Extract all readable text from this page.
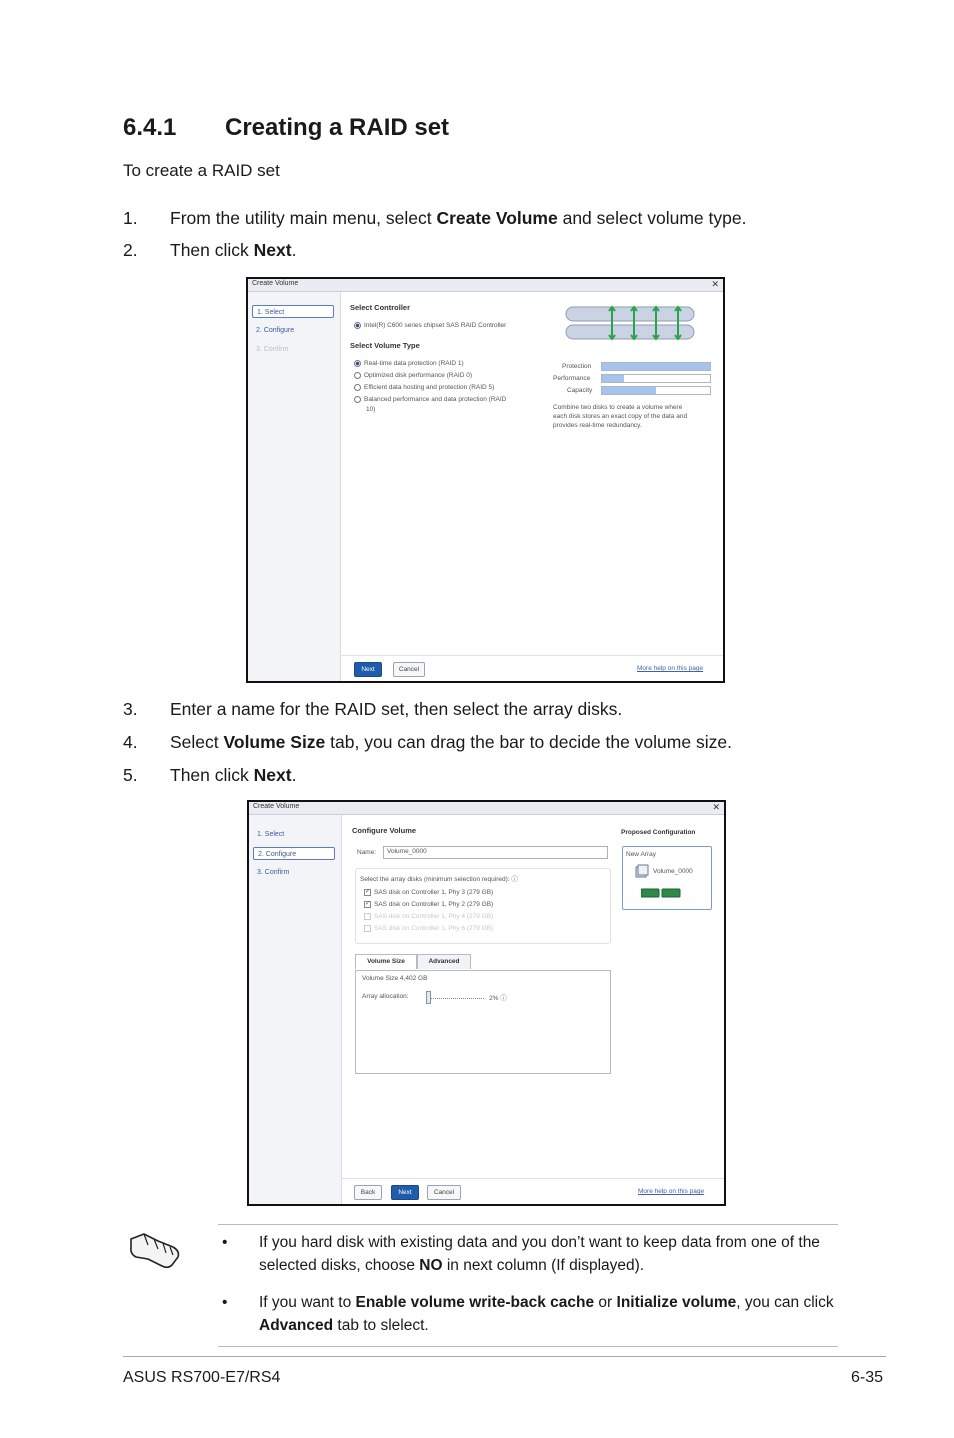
6.4.1 Creating a RAID set
To create a RAID set
1. From the utility main menu, select Create Volume and select volume type.
2. Then click Next.
Create Volume	✕
1. Select
2. Configure
3. Confirm
Select Controller
Intel(R) C600 series chipset SAS RAID Controller
Select Volume Type
Real-time data protection (RAID 1)
Optimized disk performance (RAID 0)
Efficient data hosting and protection (RAID 5)
Balanced performance and data protection (RAID
10)
Protection
Performance
Capacity
Combine two disks to create a volume where
each disk stores an exact copy of the data and
provides real-time redundancy.
Next	Cancel	More help on this page
3. Enter a name for the RAID set, then select the array disks.
4. Select Volume Size tab, you can drag the bar to decide the volume size.
5. Then click Next.
Create Volume	✕
1. Select
2. Configure
3. Confirm
Configure Volume
Name: Volume_0000
Select the array disks (minimum selection required): ⓘ
✓ SAS disk on Controller 1, Phy 3 (279 GB)
✓ SAS disk on Controller 1, Phy 2 (279 GB)
SAS disk on Controller 1, Phy 4 (279 GB)
SAS disk on Controller 1, Phy 6 (279 GB)
Volume Size	Advanced
Volume Size 4,402 GB
Array allocation:	2% ⓘ
Proposed Configuration
New Array
Volume_0000
Back	Next	Cancel	More help on this page
• If you hard disk with existing data and you don’t want to keep data from one of the selected disks, choose NO in next column (If displayed).
• If you want to Enable volume write-back cache or Initialize volume, you can click Advanced tab to slelect.
ASUS RS700-E7/RS4	6-35
